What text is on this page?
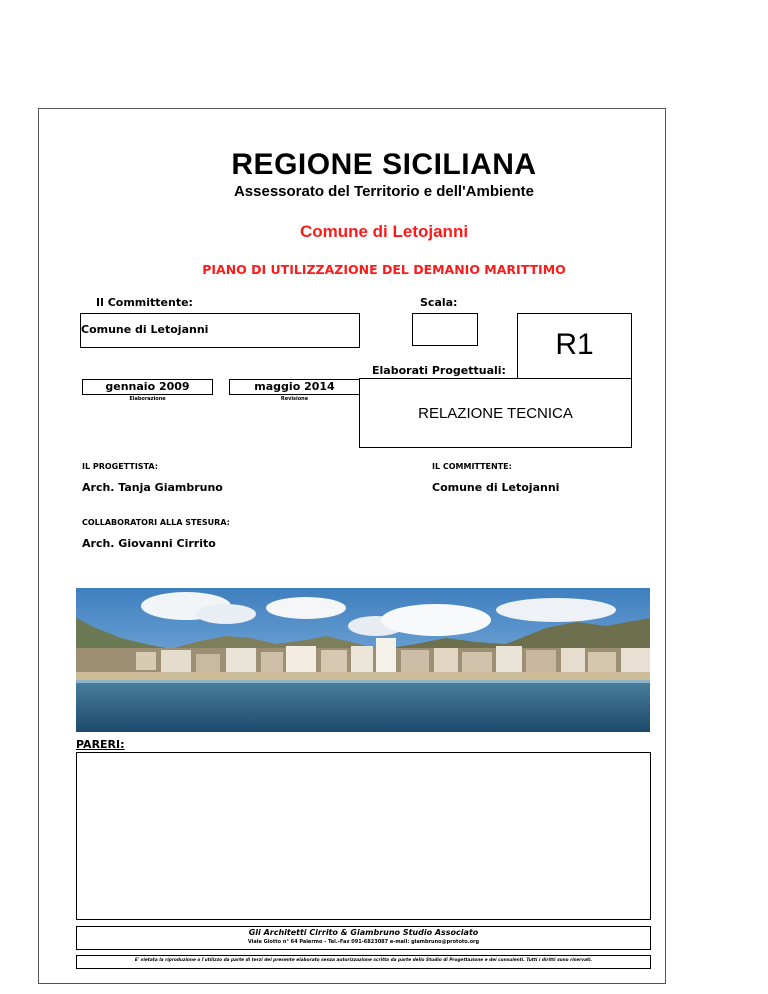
REGIONE SICILIANA
Assessorato del Territorio e dell'Ambiente
Comune di Letojanni
PIANO DI UTILIZZAZIONE DEL DEMANIO MARITTIMO
Il Committente:	Scala:
Comune di Letojanni	R1
Elaborati Progettuali:
RELAZIONE TECNICA
gennaio 2009
Elaborazione
maggio 2014
Revisione
IL PROGETTISTA:	IL COMMITTENTE:
Arch. Tanja Giambruno	Comune di Letojanni
COLLABORATORI ALLA STESURA:
Arch. Giovanni Cirrito
PARERI:
Gli Architetti Cirrito & Giambruno Studio Associato
Viale Giotto n° 64 Palermo - Tel.-Fax 091-6823087 e-mail: giambruno@prototo.org
E' vietata la riproduzione o l'utilizzo da parte di terzi del presente elaborato senza autorizzazione scritta da parte dello Studio di Progettazione e dei consulenti. Tutti i diritti sono riservati.
